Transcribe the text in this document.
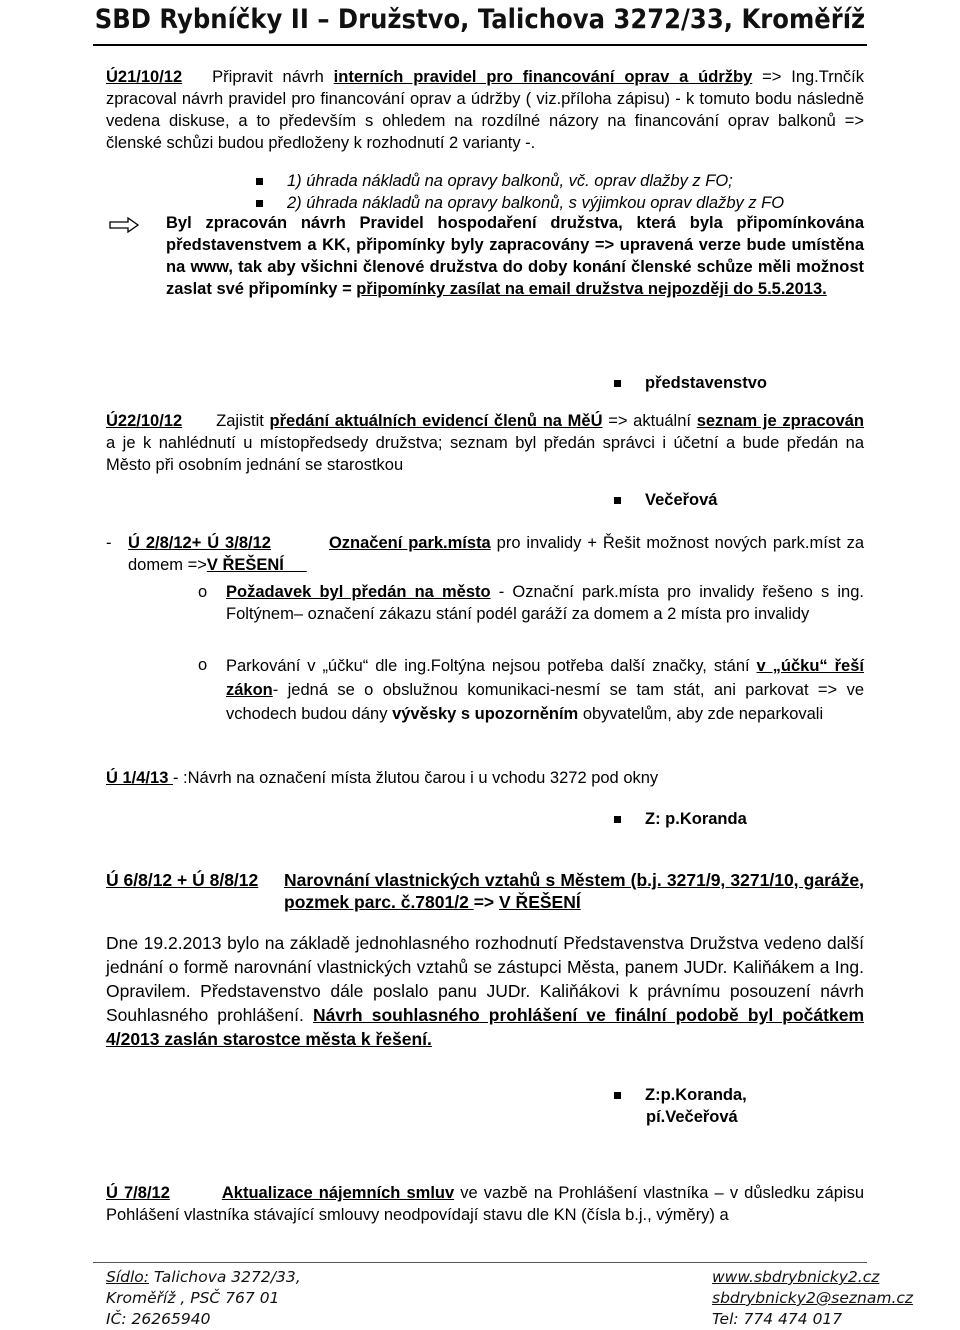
SBD Rybníčky II – Družstvo, Talichova 3272/33, Kroměříž
Ú21/10/12 Připravit návrh interních pravidel pro financování oprav a údržby => Ing.Trnčík zpracoval návrh pravidel pro financování oprav a údržby ( viz.příloha zápisu) - k tomuto bodu následně vedena diskuse, a to především s ohledem na rozdílné názory na financování oprav balkonů => členské schůzi budou předloženy k rozhodnutí 2 varianty -.
1) úhrada nákladů na opravy balkonů, vč. oprav dlažby z FO;
2) úhrada nákladů na opravy balkonů, s výjimkou oprav dlažby z FO
Byl zpracován návrh Pravidel hospodaření družstva, která byla připomínkována představenstvem a KK, připomínky byly zapracovány => upravená verze bude umístěna na www, tak aby všichni členové družstva do doby konání členské schůze měli možnost zaslat své připomínky = připomínky zasílat na email družstva nejpozději do 5.5.2013.
představenstvo
Ú22/10/12 Zajistit předání aktuálních evidencí členů na MěÚ => aktuální seznam je zpracován a je k nahlédnutí u místopředsedy družstva; seznam byl předán správci i účetní a bude předán na Město při osobním jednání se starostkou
Večeřová
- Ú 2/8/12+ Ú 3/8/12	Označení park.místa pro invalidy + Řešit možnost nových park.míst za domem =>V ŘEŠENÍ
o Požadavek byl předán na město - Označní park.místa pro invalidy řešeno s ing. Foltýnem– označení zákazu stání podél garáží za domem a 2 místa pro invalidy
o Parkování v „účku“ dle ing.Foltýna nejsou potřeba další značky, stání v „účku“ řeší zákon- jedná se o obslužnou komunikaci-nesmí se tam stát, ani parkovat => ve vchodech budou dány vývěsky s upozorněním obyvatelům, aby zde neparkovali
Ú 1/4/13 - :Návrh na označení místa žlutou čarou i u vchodu 3272 pod okny
Z: p.Koranda
Ú 6/8/12 + Ú 8/8/12 Narovnání vlastnických vztahů s Městem (b.j. 3271/9, 3271/10, garáže, pozmek parc. č.7801/2 => V ŘEŠENÍ
Dne 19.2.2013 bylo na základě jednohlasného rozhodnutí Představenstva Družstva vedeno další jednání o formě narovnání vlastnických vztahů se zástupci Města, panem JUDr. Kaliňákem a Ing. Opravilem. Představenstvo dále poslalo panu JUDr. Kaliňákovi k právnímu posouzení návrh Souhlasného prohlášení. Návrh souhlasného prohlášení ve finální podobě byl počátkem 4/2013 zaslán starostce města k řešení.
Z:p.Koranda,
pí.Večeřová
Ú 7/8/12	Aktualizace nájemních smluv ve vazbě na Prohlášení vlastníka – v důsledku zápisu Pohlášení vlastníka stávající smlouvy neodpovídají stavu dle KN (čísla b.j., výměry) a
Sídlo: Talichova 3272/33,
Kroměříž , PSČ 767 01
IČ: 26265940
www.sbdrybnicky2.cz
sbdrybnicky2@seznam.cz
Tel: 774 474 017
